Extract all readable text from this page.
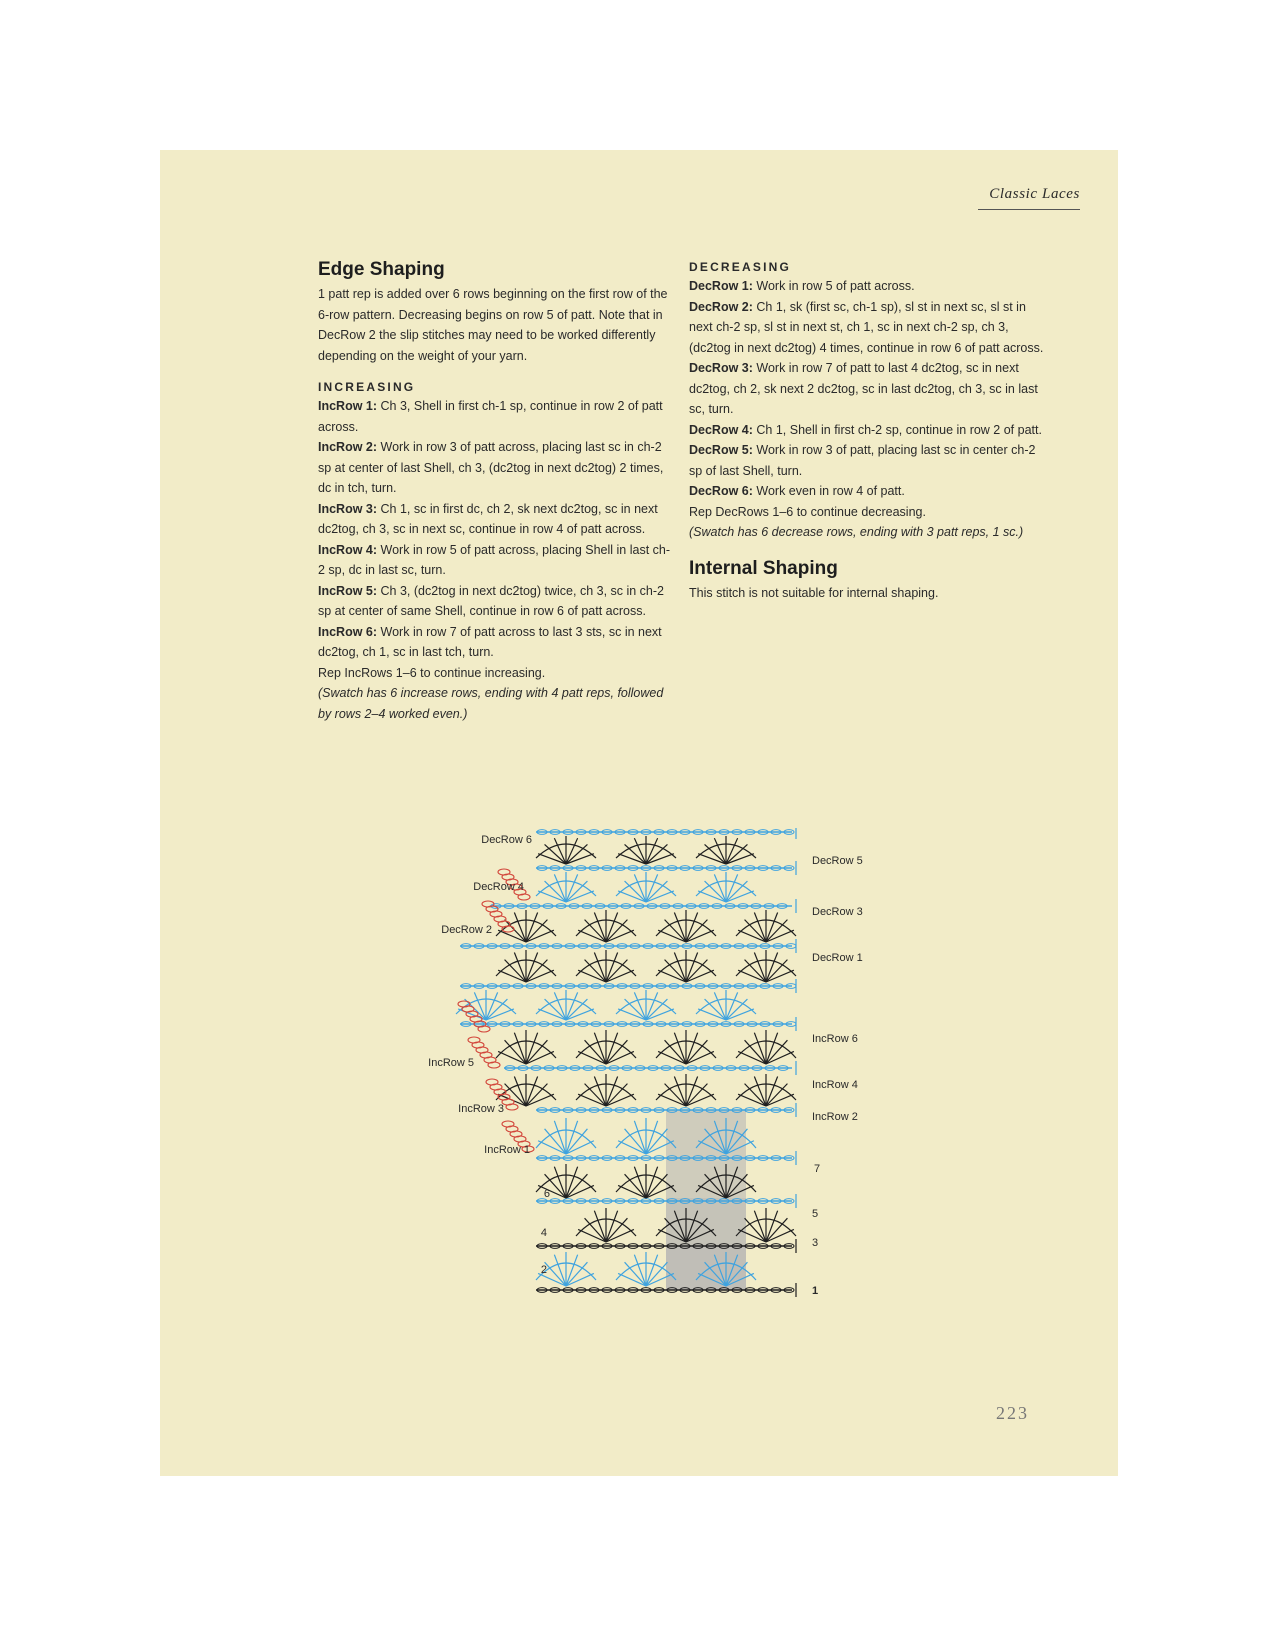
Classic Laces
Edge Shaping

1 patt rep is added over 6 rows beginning on the first row of the 6-row pattern. Decreasing begins on row 5 of patt. Note that in DecRow 2 the slip stitches may need to be worked differently depending on the weight of your yarn.

INCREASING

IncRow 1: Ch 3, Shell in first ch-1 sp, continue in row 2 of patt across.

IncRow 2: Work in row 3 of patt across, placing last sc in ch-2 sp at center of last Shell, ch 3, (dc2tog in next dc2tog) 2 times, dc in tch, turn.

IncRow 3: Ch 1, sc in first dc, ch 2, sk next dc2tog, sc in next dc2tog, ch 3, sc in next sc, continue in row 4 of patt across.

IncRow 4: Work in row 5 of patt across, placing Shell in last ch-2 sp, dc in last sc, turn.

IncRow 5: Ch 3, (dc2tog in next dc2tog) twice, ch 3, sc in ch-2 sp at center of same Shell, continue in row 6 of patt across.

IncRow 6: Work in row 7 of patt across to last 3 sts, sc in next dc2tog, ch 1, sc in last tch, turn.

Rep IncRows 1–6 to continue increasing.

(Swatch has 6 increase rows, ending with 4 patt reps, followed by rows 2–4 worked even.)

DECREASING

DecRow 1: Work in row 5 of patt across.

DecRow 2: Ch 1, sk (first sc, ch-1 sp), sl st in next sc, sl st in next ch-2 sp, sl st in next st, ch 1, sc in next ch-2 sp, ch 3, (dc2tog in next dc2tog) 4 times, continue in row 6 of patt across.

DecRow 3: Work in row 7 of patt to last 4 dc2tog, sc in next dc2tog, ch 2, sk next 2 dc2tog, sc in last dc2tog, ch 3, sc in last sc, turn.

DecRow 4: Ch 1, Shell in first ch-2 sp, continue in row 2 of patt.

DecRow 5: Work in row 3 of patt, placing last sc in center ch-2 sp of last Shell, turn.

DecRow 6: Work even in row 4 of patt.

Rep DecRows 1–6 to continue decreasing.

(Swatch has 6 decrease rows, ending with 3 patt reps, 1 sc.)

Internal Shaping

This stitch is not suitable for internal shaping.

DecRow 6
DecRow 4
DecRow 2
IncRow 5
IncRow 3
IncRow 1
DecRow 5
DecRow 3
DecRow 1
IncRow 6
IncRow 4
IncRow 2
6
4
2
7
5
3
1
223
